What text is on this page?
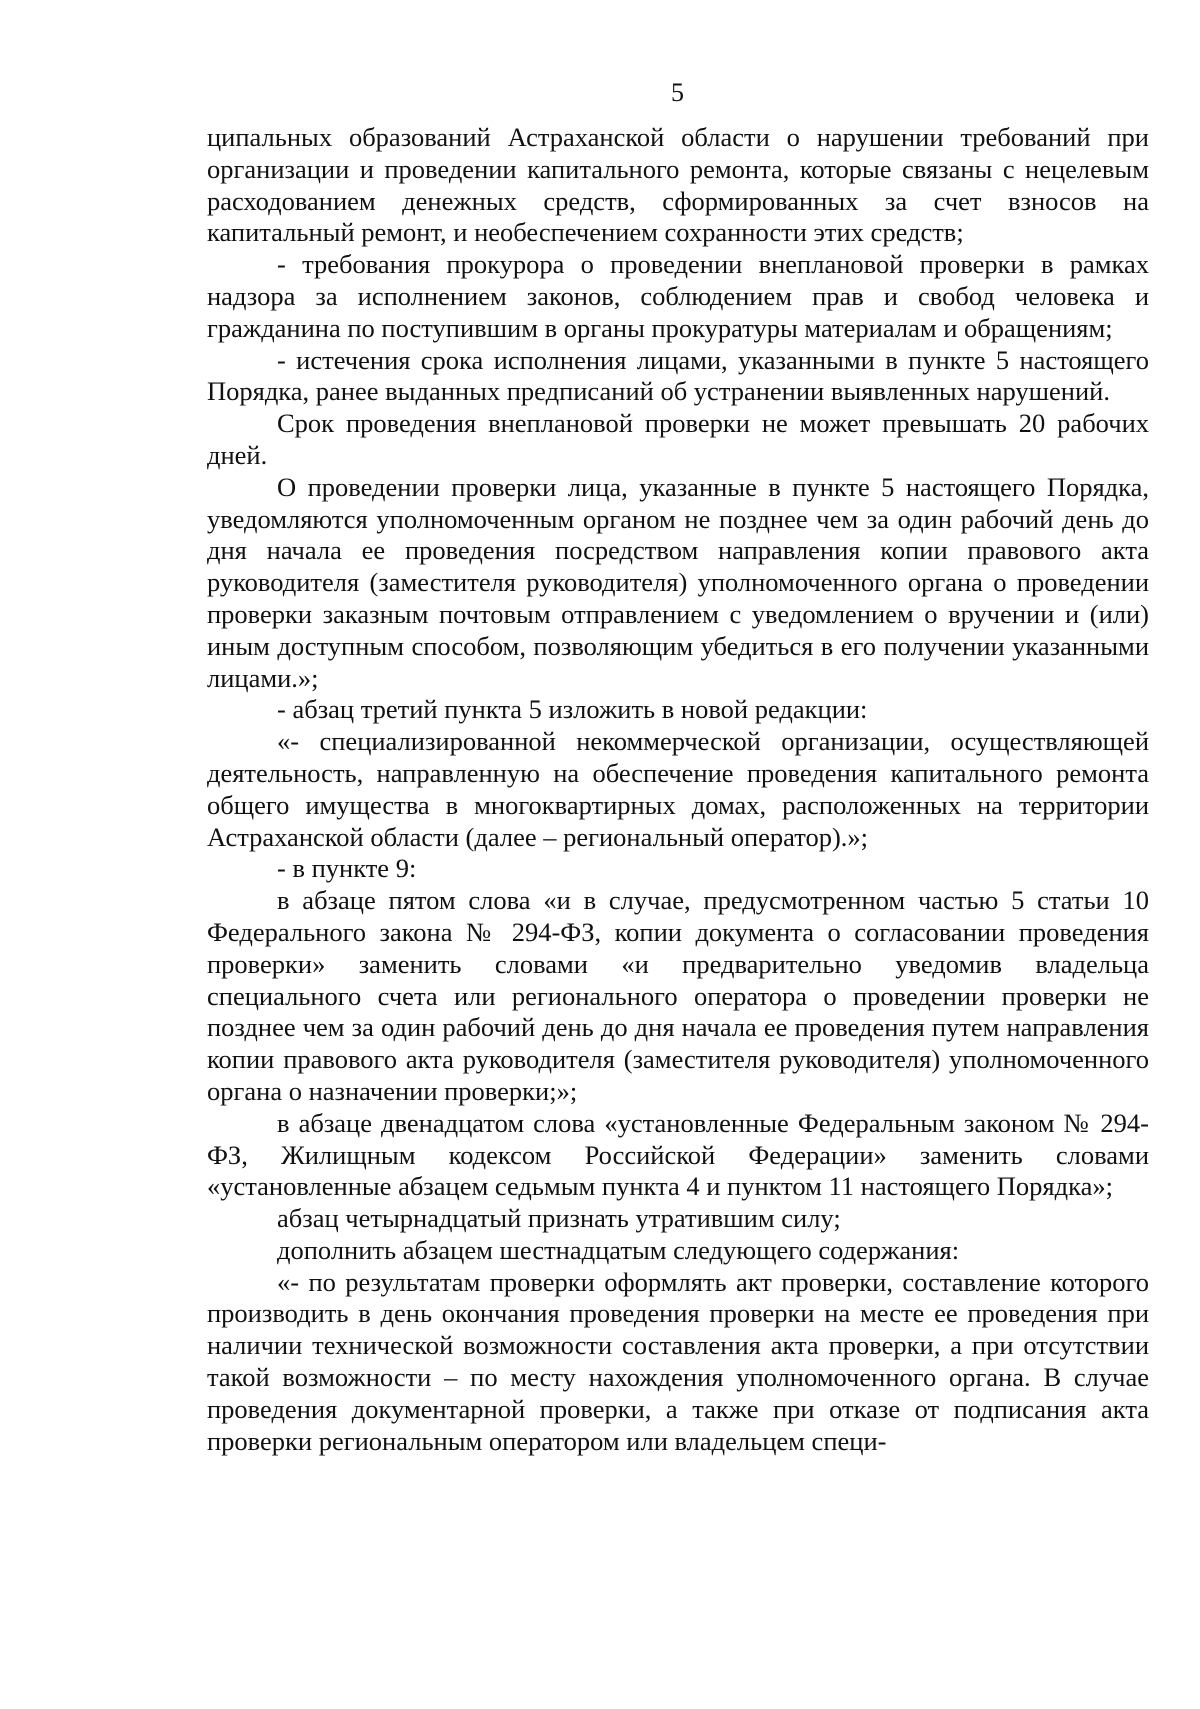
5

ципальных образований Астраханской области о нарушении требований при организации и проведении капитального ремонта, которые связаны с нецелевым расходованием денежных средств, сформированных за счет взносов на капитальный ремонт, и необеспечением сохранности этих средств;

- требования прокурора о проведении внеплановой проверки в рамках надзора за исполнением законов, соблюдением прав и свобод человека и гражданина по поступившим в органы прокуратуры материалам и обращениям;

- истечения срока исполнения лицами, указанными в пункте 5 настоящего Порядка, ранее выданных предписаний об устранении выявленных нарушений.

Срок проведения внеплановой проверки не может превышать 20 рабочих дней.

О проведении проверки лица, указанные в пункте 5 настоящего Порядка, уведомляются уполномоченным органом не позднее чем за один рабочий день до дня начала ее проведения посредством направления копии правового акта руководителя (заместителя руководителя) уполномоченного органа о проведении проверки заказным почтовым отправлением с уведомлением о вручении и (или) иным доступным способом, позволяющим убедиться в его получении указанными лицами.»;

- абзац третий пункта 5 изложить в новой редакции:

«- специализированной некоммерческой организации, осуществляющей деятельность, направленную на обеспечение проведения капитального ремонта общего имущества в многоквартирных домах, расположенных на территории Астраханской области (далее – региональный оператор).»;

- в пункте 9:

в абзаце пятом слова «и в случае, предусмотренном частью 5 статьи 10 Федерального закона № 294-ФЗ, копии документа о согласовании проведения проверки» заменить словами «и предварительно уведомив владельца специального счета или регионального оператора о проведении проверки не позднее чем за один рабочий день до дня начала ее проведения путем направления копии правового акта руководителя (заместителя руководителя) уполномоченного органа о назначении проверки;»;

в абзаце двенадцатом слова «установленные Федеральным законом № 294-ФЗ, Жилищным кодексом Российской Федерации» заменить словами «установленные абзацем седьмым пункта 4 и пунктом 11 настоящего Порядка»;

абзац четырнадцатый признать утратившим силу;

дополнить абзацем шестнадцатым следующего содержания:

«- по результатам проверки оформлять акт проверки, составление которого производить в день окончания проведения проверки на месте ее проведения при наличии технической возможности составления акта проверки, а при отсутствии такой возможности – по месту нахождения уполномоченного органа. В случае проведения документарной проверки, а также при отказе от подписания акта проверки региональным оператором или владельцем специ-
